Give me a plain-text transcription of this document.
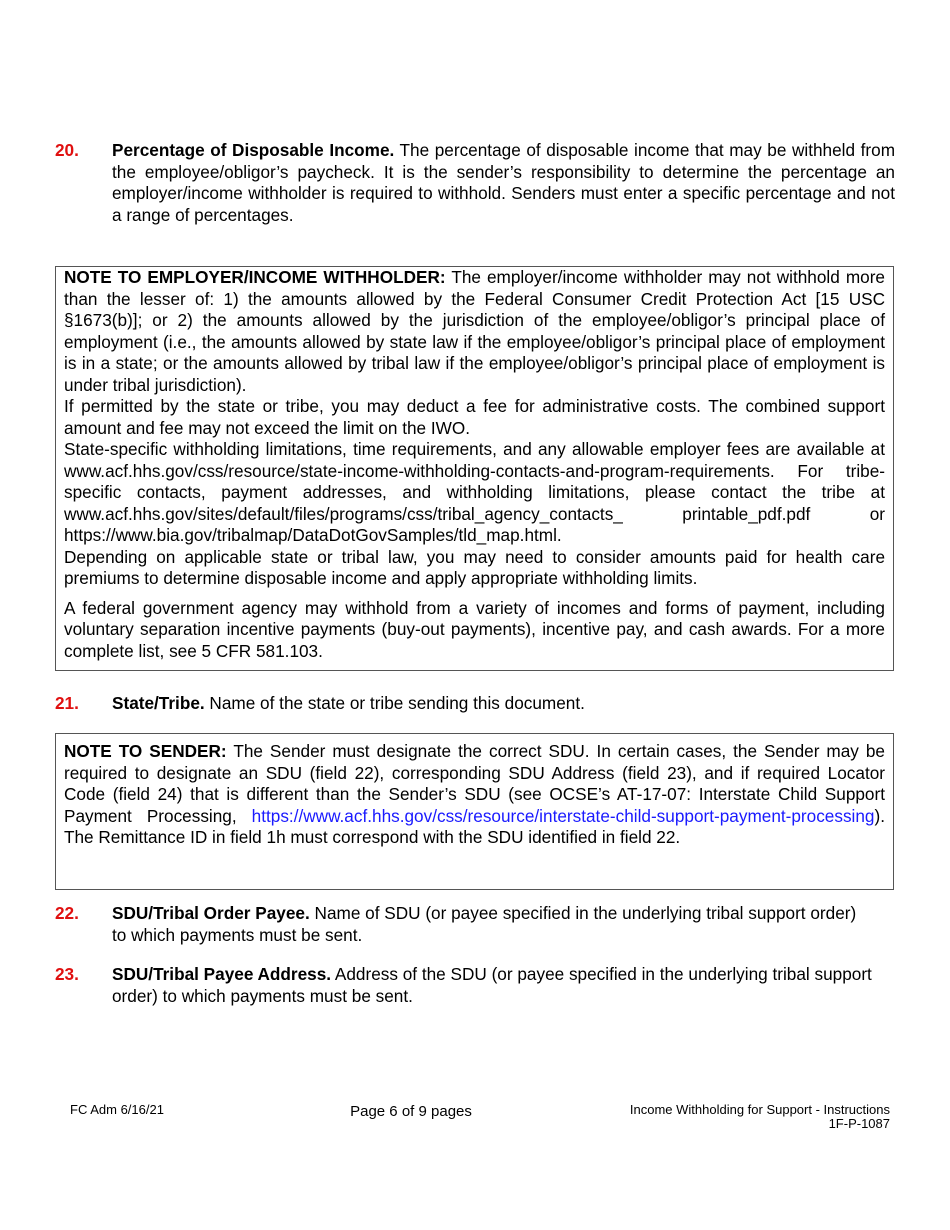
20. Percentage of Disposable Income. The percentage of disposable income that may be withheld from the employee/obligor’s paycheck. It is the sender’s responsibility to determine the percentage an employer/income withholder is required to withhold. Senders must enter a specific percentage and not a range of percentages.

NOTE TO EMPLOYER/INCOME WITHHOLDER: The employer/income withholder may not withhold more than the lesser of: 1) the amounts allowed by the Federal Consumer Credit Protection Act [15 USC §1673(b)]; or 2) the amounts allowed by the jurisdiction of the employee/obligor’s principal place of employment (i.e., the amounts allowed by state law if the employee/obligor’s principal place of employment is in a state; or the amounts allowed by tribal law if the employee/obligor’s principal place of employment is under tribal jurisdiction).

If permitted by the state or tribe, you may deduct a fee for administrative costs. The combined support amount and fee may not exceed the limit on the IWO.

State-specific withholding limitations, time requirements, and any allowable employer fees are available at www.acf.hhs.gov/css/resource/state-income-withholding-contacts-and-program-requirements. For tribe- specific contacts, payment addresses, and withholding limitations, please contact the tribe at www.acf.hhs.gov/sites/default/files/programs/css/tribal_agency_contacts_ printable_pdf.pdf or https://www.bia.gov/tribalmap/DataDotGovSamples/tld_map.html.

Depending on applicable state or tribal law, you may need to consider amounts paid for health care premiums to determine disposable income and apply appropriate withholding limits.

A federal government agency may withhold from a variety of incomes and forms of payment, including voluntary separation incentive payments (buy-out payments), incentive pay, and cash awards. For a more complete list, see 5 CFR 581.103.

21. State/Tribe. Name of the state or tribe sending this document.

NOTE TO SENDER: The Sender must designate the correct SDU. In certain cases, the Sender may be required to designate an SDU (field 22), corresponding SDU Address (field 23), and if required Locator Code (field 24) that is different than the Sender’s SDU (see OCSE’s AT-17-07: Interstate Child Support Payment Processing, https://www.acf.hhs.gov/css/resource/interstate-child-support-payment-processing). The Remittance ID in field 1h must correspond with the SDU identified in field 22.

22. SDU/Tribal Order Payee. Name of SDU (or payee specified in the underlying tribal support order) to which payments must be sent.
23. SDU/Tribal Payee Address. Address of the SDU (or payee specified in the underlying tribal support order) to which payments must be sent.
FC Adm 6/16/21	Page 6 of 9 pages	Income Withholding for Support - Instructions
1F-P-1087
